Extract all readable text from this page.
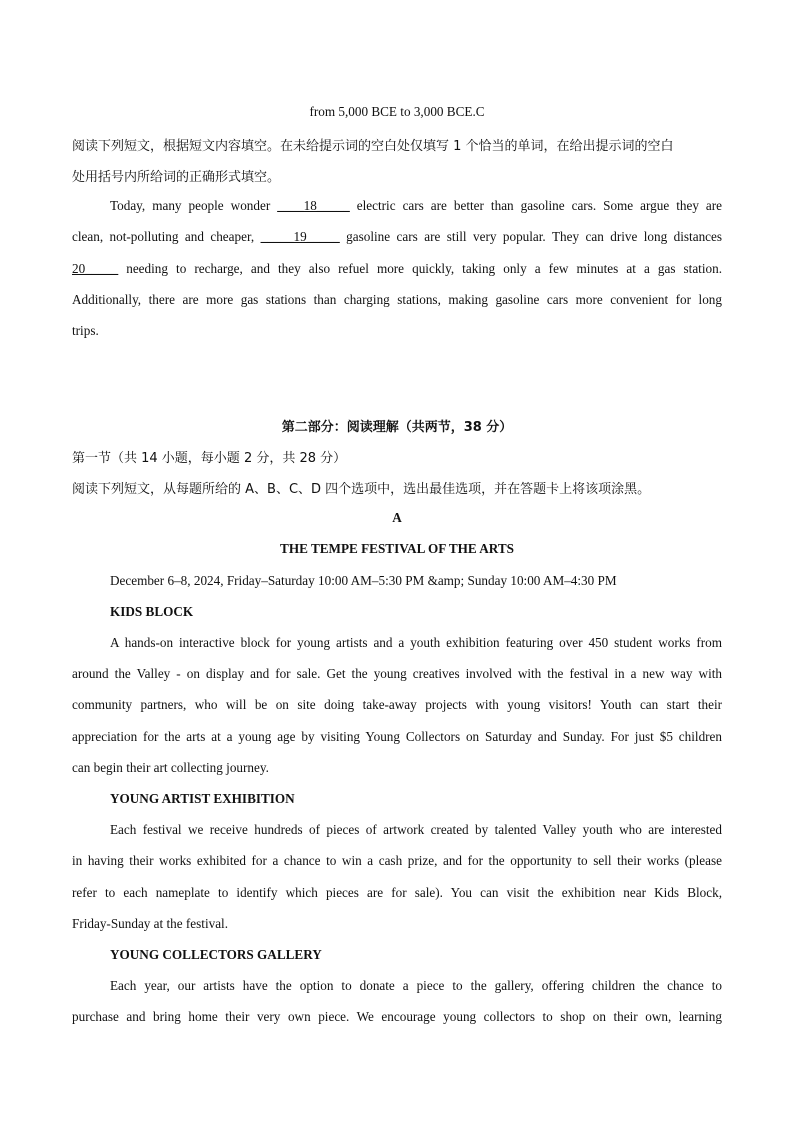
from 5,000 BCE to 3,000 BCE.C
阅读下列短文，根据短文内容填空。在未给提示词的空白处仅填写 1 个恰当的单词，在给出提示词的空白
处用括号内所给词的正确形式填空。
Today, many people wonder ____18_____ electric cars are better than gasoline cars. Some argue they are
clean, not-polluting and cheaper, _____19_____ gasoline cars are still very popular. They can drive long distances
20_____ needing to recharge, and they also refuel more quickly, taking only a few minutes at a gas station.
Additionally, there are more gas stations than charging stations, making gasoline cars more convenient for long
trips.
第二部分：阅读理解（共两节，38 分）
第一节（共 14 小题，每小题 2 分，共 28 分）
阅读下列短文，从每题所给的 A、B、C、D 四个选项中，选出最佳选项，并在答题卡上将该项涂黑。
A
THE TEMPE FESTIVAL OF THE ARTS
December 6–8, 2024, Friday–Saturday 10:00 AM–5:30 PM &amp; Sunday 10:00 AM–4:30 PM
KIDS BLOCK
A hands-on interactive block for young artists and a youth exhibition featuring over 450 student works from
around the Valley - on display and for sale. Get the young creatives involved with the festival in a new way with
community partners, who will be on site doing take-away projects with young visitors! Youth can start their
appreciation for the arts at a young age by visiting Young Collectors on Saturday and Sunday. For just $5 children
can begin their art collecting journey.
YOUNG ARTIST EXHIBITION
Each festival we receive hundreds of pieces of artwork created by talented Valley youth who are interested
in having their works exhibited for a chance to win a cash prize, and for the opportunity to sell their works (please
refer to each nameplate to identify which pieces are for sale). You can visit the exhibition near Kids Block,
Friday-Sunday at the festival.
YOUNG COLLECTORS GALLERY
Each year, our artists have the option to donate a piece to the gallery, offering children the chance to
purchase and bring home their very own piece. We encourage young collectors to shop on their own, learning
